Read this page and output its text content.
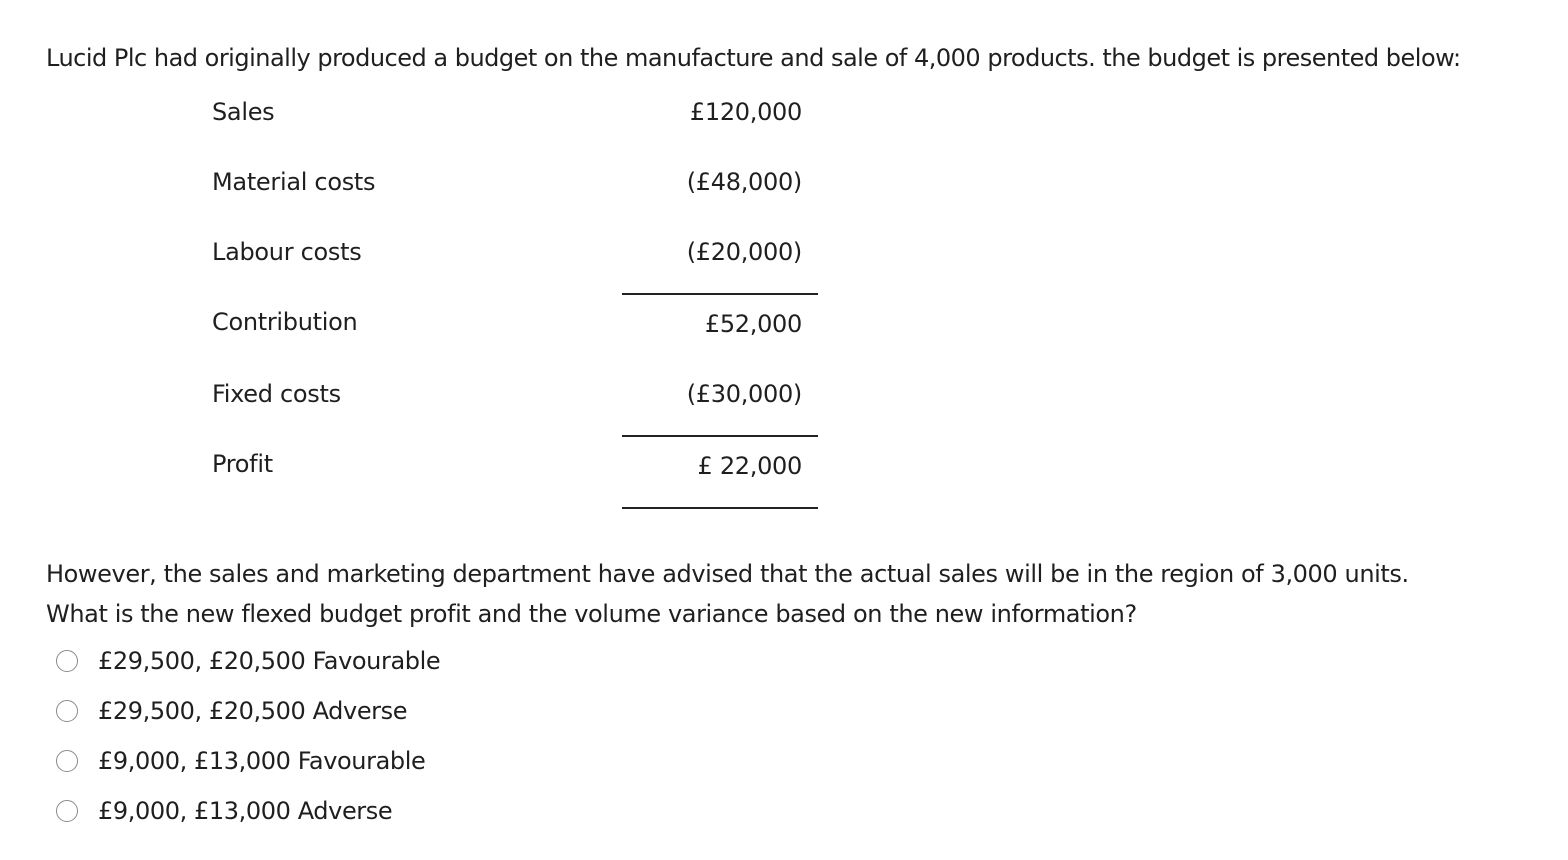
Lucid Plc had originally produced a budget on the manufacture and sale of 4,000 products. the budget is presented below:
Sales	£120,000
Material costs	(£48,000)
Labour costs	(£20,000)
Contribution	£52,000
Fixed costs	(£30,000)
Profit	£ 22,000
However, the sales and marketing department have advised that the actual sales will be in the region of 3,000 units.
What is the new flexed budget profit and the volume variance based on the new information?
£29,500, £20,500 Favourable
£29,500, £20,500 Adverse
£9,000, £13,000 Favourable
£9,000, £13,000 Adverse
